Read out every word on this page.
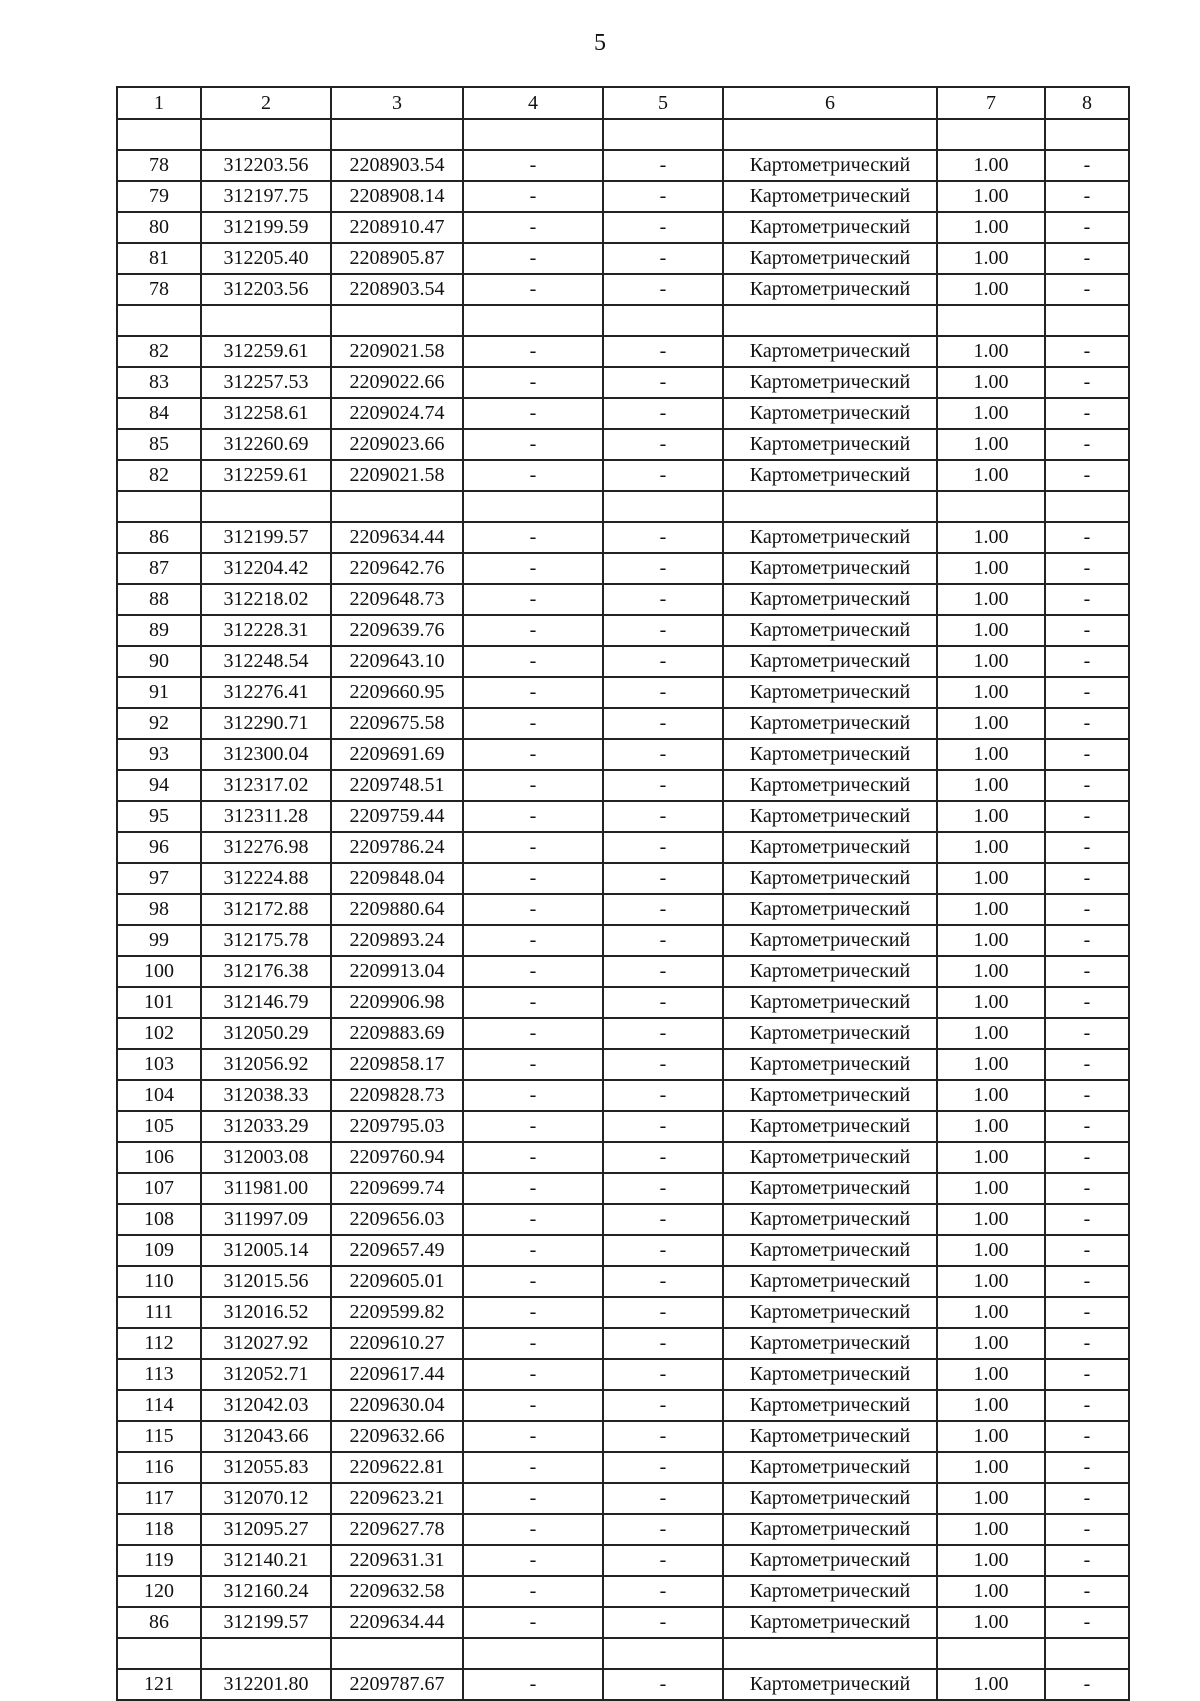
5
1	2	3	4	5	6	7	8

78	312203.56	2208903.54	-	-	Картометрический	1.00	-
79	312197.75	2208908.14	-	-	Картометрический	1.00	-
80	312199.59	2208910.47	-	-	Картометрический	1.00	-
81	312205.40	2208905.87	-	-	Картометрический	1.00	-
78	312203.56	2208903.54	-	-	Картометрический	1.00	-

82	312259.61	2209021.58	-	-	Картометрический	1.00	-
83	312257.53	2209022.66	-	-	Картометрический	1.00	-
84	312258.61	2209024.74	-	-	Картометрический	1.00	-
85	312260.69	2209023.66	-	-	Картометрический	1.00	-
82	312259.61	2209021.58	-	-	Картометрический	1.00	-

86	312199.57	2209634.44	-	-	Картометрический	1.00	-
87	312204.42	2209642.76	-	-	Картометрический	1.00	-
88	312218.02	2209648.73	-	-	Картометрический	1.00	-
89	312228.31	2209639.76	-	-	Картометрический	1.00	-
90	312248.54	2209643.10	-	-	Картометрический	1.00	-
91	312276.41	2209660.95	-	-	Картометрический	1.00	-
92	312290.71	2209675.58	-	-	Картометрический	1.00	-
93	312300.04	2209691.69	-	-	Картометрический	1.00	-
94	312317.02	2209748.51	-	-	Картометрический	1.00	-
95	312311.28	2209759.44	-	-	Картометрический	1.00	-
96	312276.98	2209786.24	-	-	Картометрический	1.00	-
97	312224.88	2209848.04	-	-	Картометрический	1.00	-
98	312172.88	2209880.64	-	-	Картометрический	1.00	-
99	312175.78	2209893.24	-	-	Картометрический	1.00	-
100	312176.38	2209913.04	-	-	Картометрический	1.00	-
101	312146.79	2209906.98	-	-	Картометрический	1.00	-
102	312050.29	2209883.69	-	-	Картометрический	1.00	-
103	312056.92	2209858.17	-	-	Картометрический	1.00	-
104	312038.33	2209828.73	-	-	Картометрический	1.00	-
105	312033.29	2209795.03	-	-	Картометрический	1.00	-
106	312003.08	2209760.94	-	-	Картометрический	1.00	-
107	311981.00	2209699.74	-	-	Картометрический	1.00	-
108	311997.09	2209656.03	-	-	Картометрический	1.00	-
109	312005.14	2209657.49	-	-	Картометрический	1.00	-
110	312015.56	2209605.01	-	-	Картометрический	1.00	-
111	312016.52	2209599.82	-	-	Картометрический	1.00	-
112	312027.92	2209610.27	-	-	Картометрический	1.00	-
113	312052.71	2209617.44	-	-	Картометрический	1.00	-
114	312042.03	2209630.04	-	-	Картометрический	1.00	-
115	312043.66	2209632.66	-	-	Картометрический	1.00	-
116	312055.83	2209622.81	-	-	Картометрический	1.00	-
117	312070.12	2209623.21	-	-	Картометрический	1.00	-
118	312095.27	2209627.78	-	-	Картометрический	1.00	-
119	312140.21	2209631.31	-	-	Картометрический	1.00	-
120	312160.24	2209632.58	-	-	Картометрический	1.00	-
86	312199.57	2209634.44	-	-	Картометрический	1.00	-

121	312201.80	2209787.67	-	-	Картометрический	1.00	-
